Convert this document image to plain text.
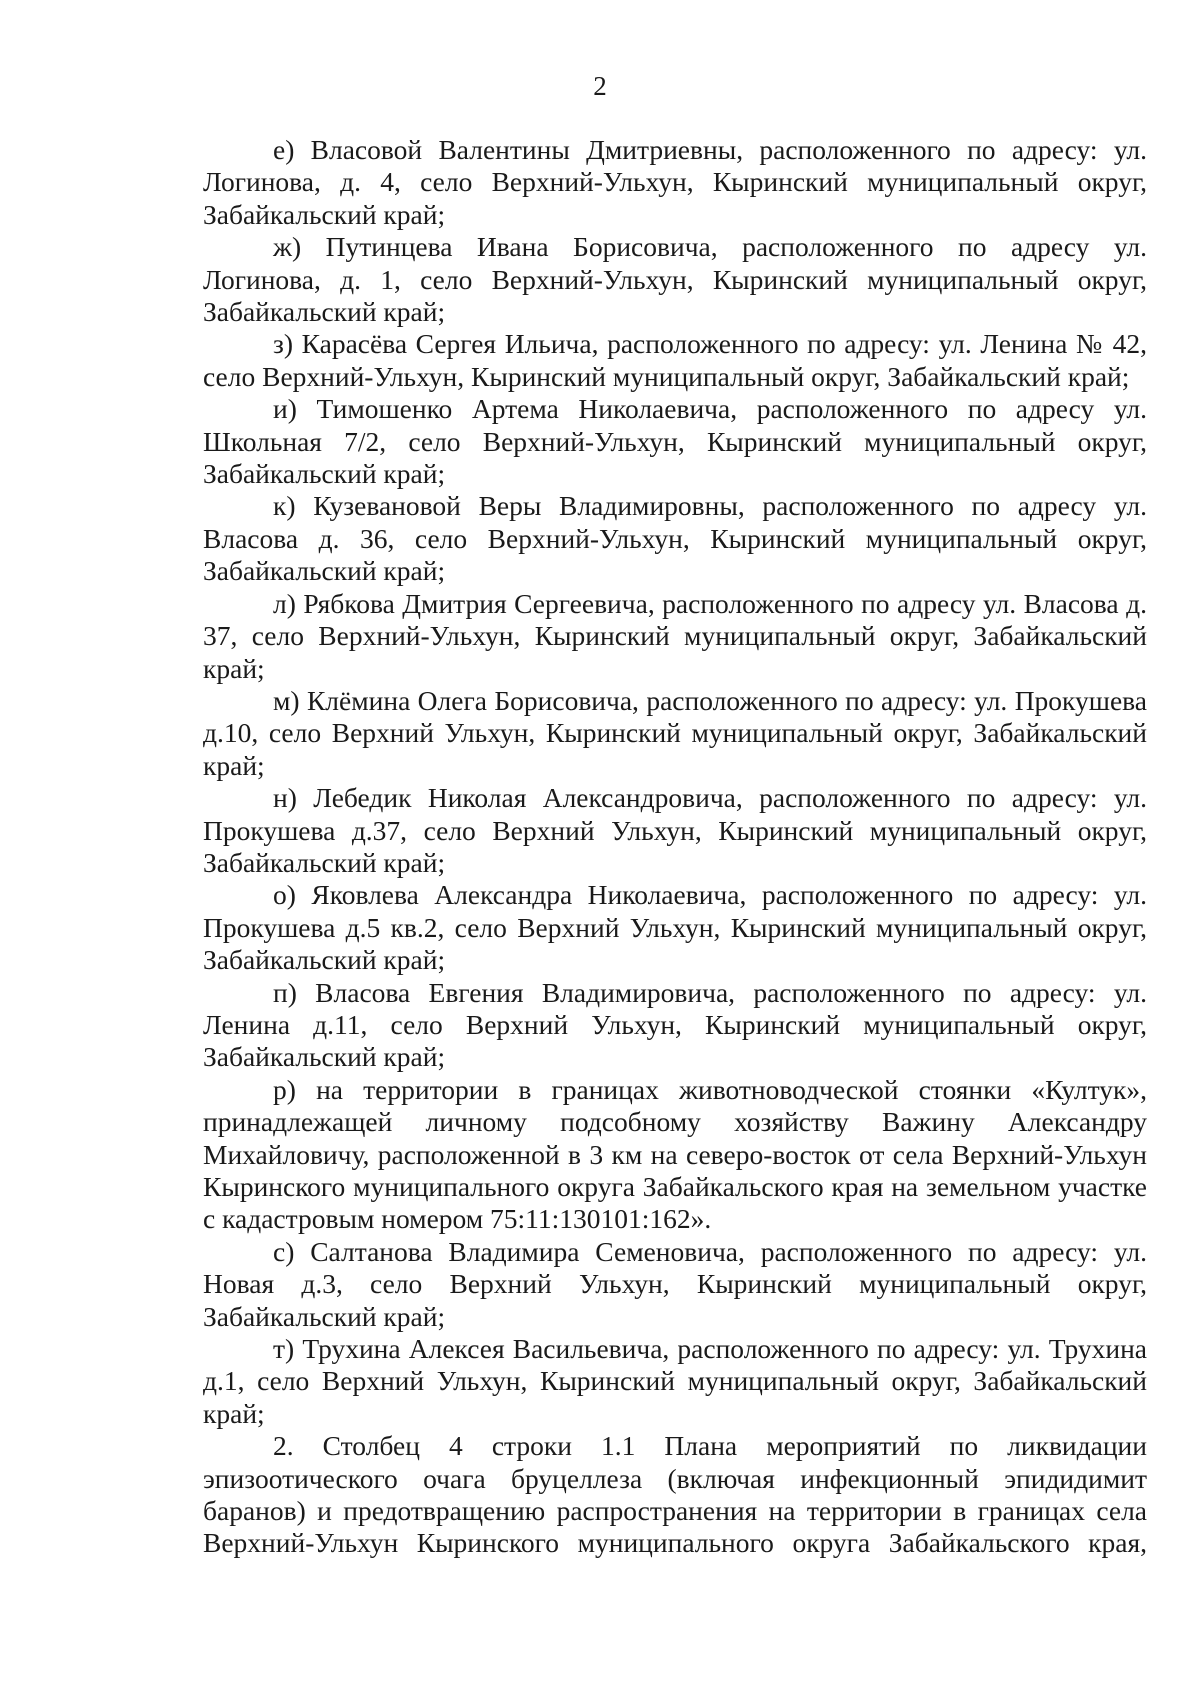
2

е) Власовой Валентины Дмитриевны, расположенного по адресу: ул. Логинова, д. 4, село Верхний-Ульхун, Кыринский муниципальный округ, Забайкальский край;

ж) Путинцева Ивана Борисовича, расположенного по адресу ул. Логинова, д. 1, село Верхний-Ульхун, Кыринский муниципальный округ, Забайкальский край;

з) Карасёва Сергея Ильича, расположенного по адресу: ул. Ленина № 42, село Верхний-Ульхун, Кыринский муниципальный округ, Забайкальский край;

и) Тимошенко Артема Николаевича, расположенного по адресу ул. Школьная 7/2, село Верхний-Ульхун, Кыринский муниципальный округ, Забайкальский край;

к) Кузевановой Веры Владимировны, расположенного по адресу ул. Власова д. 36, село Верхний-Ульхун, Кыринский муниципальный округ, Забайкальский край;

л) Рябкова Дмитрия Сергеевича, расположенного по адресу ул. Власова д. 37, село Верхний-Ульхун, Кыринский муниципальный округ, Забайкальский край;

м) Клёмина Олега Борисовича, расположенного по адресу: ул. Прокушева д.10, село Верхний Ульхун, Кыринский муниципальный округ, Забайкальский край;

н) Лебедик Николая Александровича, расположенного по адресу: ул. Прокушева д.37, село Верхний Ульхун, Кыринский муниципальный округ, Забайкальский край;

о) Яковлева Александра Николаевича, расположенного по адресу: ул. Прокушева д.5 кв.2, село Верхний Ульхун, Кыринский муниципальный округ, Забайкальский край;

п) Власова Евгения Владимировича, расположенного по адресу: ул. Ленина д.11, село Верхний Ульхун, Кыринский муниципальный округ, Забайкальский край;

р) на территории в границах животноводческой стоянки «Култук», принадлежащей личному подсобному хозяйству Важину Александру Михайловичу, расположенной в 3 км на северо-восток от села Верхний-Ульхун Кыринского муниципального округа Забайкальского края на земельном участке с кадастровым номером 75:11:130101:162».

с) Салтанова Владимира Семеновича, расположенного по адресу: ул. Новая д.3, село Верхний Ульхун, Кыринский муниципальный округ, Забайкальский край;

т) Трухина Алексея Васильевича, расположенного по адресу: ул. Трухина д.1, село Верхний Ульхун, Кыринский муниципальный округ, Забайкальский край;

2. Столбец 4 строки 1.1 Плана мероприятий по ликвидации эпизоотического очага бруцеллеза (включая инфекционный эпидидимит баранов) и предотвращению распространения на территории в границах села Верхний-Ульхун Кыринского муниципального округа Забайкальского края,
